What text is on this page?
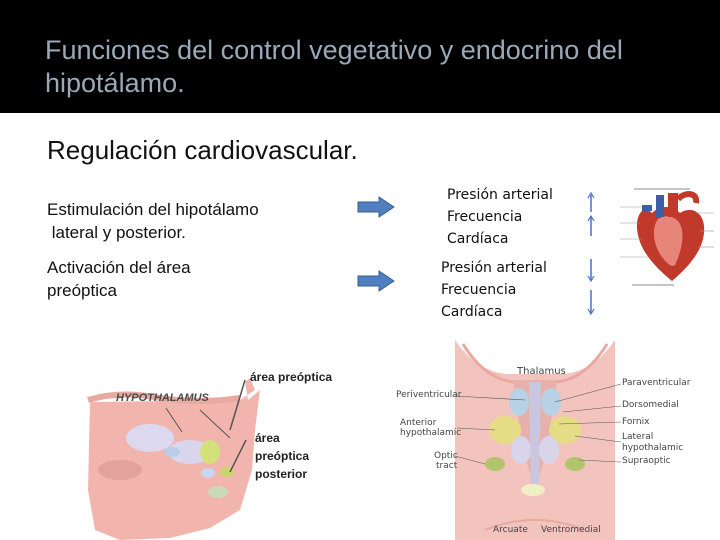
Funciones del control vegetativo y endocrino del hipotálamo.
Regulación cardiovascular.
Estimulación del hipotálamo
lateral y posterior.
Presión arterial
Frecuencia
Cardíaca
Activación del área
preóptica
Presión arterial
Frecuencia
Cardíaca
HYPOTHALAMUS
área preóptica
área
preóptica
posterior
Thalamus
Periventricular
Anterior
hypothalamic
Optic
tract
Paraventricular
Dorsomedial
Fornix
Lateral
hypothalamic
Supraoptic
Arcuate Ventromedial
